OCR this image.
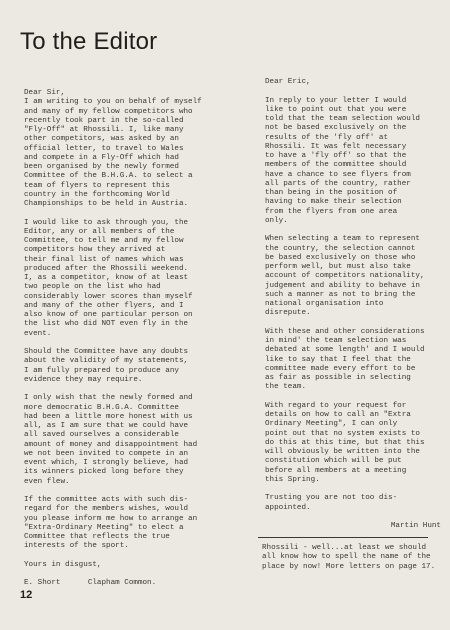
To the Editor
Dear Sir,
I am writing to you on behalf of myself
and many of my fellow competitors who
recently took part in the so-called
"Fly-Off" at Rhossili. I, like many
other competitors, was asked by an
official letter, to travel to Wales
and compete in a Fly-Off which had
been organised by the newly formed
Committee of the B.H.G.A. to select a
team of flyers to represent this
country in the forthcoming World
Championships to be held in Austria.
I would like to ask through you, the
Editor, any or all members of the
Committee, to tell me and my fellow
competitors how they arrived at
their final list of names which was
produced after the Rhossili weekend.
I, as a competitor, know of at least
two people on the list who had
considerably lower scores than myself
and many of the other flyers, and I
also know of one particular person on
the list who did NOT even fly in the
event.
Should the Committee have any doubts
about the validity of my statements,
I am fully prepared to produce any
evidence they may require.
I only wish that the newly formed and
more democratic B.H.G.A. Committee
had been a little more honest with us
all, as I am sure that we could have
all saved ourselves a considerable
amount of money and disappointment had
we not been invited to compete in an
event which, I strongly believe, had
its winners picked long before they
even flew.
If the committee acts with such dis-
regard for the members wishes, would
you please inform me how to arrange an
"Extra-Ordinary Meeting" to elect a
Committee that reflects the true
interests of the sport.
Yours in disgust,
E. Short	Clapham Common.
Dear Eric,
In reply to your letter I would
like to point out that you were
told that the team selection would
not be based exclusively on the
results of the 'fly off' at
Rhossili. It was felt necessary
to have a 'fly off' so that the
members of the committee should
have a chance to see flyers from
all parts of the country, rather
than being in the position of
having to make their selection
from the flyers from one area
only.
When selecting a team to represent
the country, the selection cannot
be based exclusively on those who
perform well, but must also take
account of competitors nationality,
judgement and ability to behave in
such a manner as not to bring the
national organisation into
disrepute.
With these and other considerations
in mind' the team selection was
debated at some length' and I would
like to say that I feel that the
committee made every effort to be
as fair as possible in selecting
the team.
With regard to your request for
details on how to call an "Extra
Ordinary Meeting", I can only
point out that no system exists to
do this at this time, but that this
will obviously be written into the
constitution which will be put
before all members at a meeting
this Spring.
Trusting you are not too dis-
appointed.
Martin Hunt
Rhossili - well...at least we should
all know how to spell the name of the
place by now! More letters on page 17.
12
